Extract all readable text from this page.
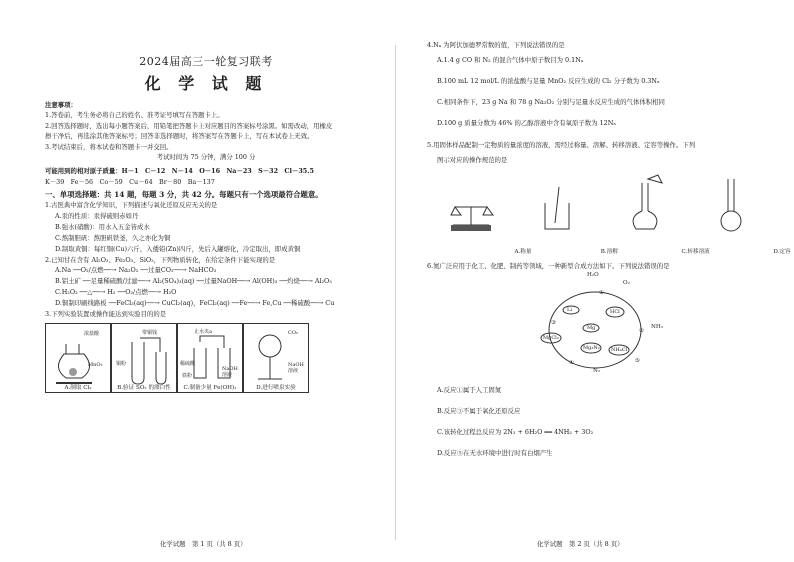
2024届高三一轮复习联考
化 学 试 题
注意事项：
1.答卷前，考生务必将自己的姓名、准考证号填写在答题卡上。
2.回答选择题时，选出每小题答案后，用铅笔把答题卡上对应题目的答案标号涂黑。如需改动，用橡皮
擦干净后，再选涂其他答案标号；回答非选择题时，将答案写在答题卡上，写在本试卷上无效。
3.考试结束后，将本试卷和答题卡一并交回。
考试时间为 75 分钟，满分 100 分
可能用到的相对原子质量：H－1　C－12　N－14　O－16　Na－23　S－32　Cl－35.5
K－39　Fe－56　Co－59　Cu－64　Br－80　Ba－137
一、单项选择题：共 14 题，每题 3 分，共 42 分。每题只有一个选项最符合题意。
1.古医典中富含化学知识，下列描述与氧化还原反应无关的是
A.汞的性质：汞得硫则赤如丹
B.强水(硝酸)：用水入五金皆成水
C.熬制胆矾：熬胆矾铁釜，久之亦化为铜
D.制取黄铜：每红铜(Cu)六斤，入倭铅(Zn)四斤，先后入罐熔化，冷定取出，即成黄铜
2.已知甘在含有 Al₂O₃、Fe₂O₃、SiO₂，下列物质转化，在给定条件下能实现的是
A.Na ──O₂/点燃──→ Na₂O₂ ──过量CO₂──→ NaHCO₃
B.铝土矿 ──足量稀硫酸/过滤──→ Al₂(SO₄)₃(aq) ──过量NaOH──→ Al(OH)₃ ──灼烧──→ Al₂O₃
C.H₂O₂ ──△──→ H₂ ──O₂/点燃──→ H₂O
D.铜制印刷线路板 ──FeCl₃(aq)──→ CuCl₂(aq)，FeCl₂(aq) ──Fe──→ Fe,Cu ──稀硫酸──→ Cu
3.下列实验装置或操作能达到实验目的的是
浓盐酸
MnO₂
A.制取 Cl₂
带铜钱
铜粉
B.验证 SO₂ 的漂白性
止水夹a
稀硫酸
铁粉
NaOH溶液
C.制备少量 Fe(OH)₂
CO₂
NaOH溶液
D.进行喷泉实验
化学试题　第 1 页（共 8 页）
4.Nₐ 为阿伏加德罗常数的值，下列说法错误的是
A.1.4 g CO 和 N₂ 的混合气体中原子数目为 0.1Nₐ
B.100 mL 12 mol/L 的浓盐酸与足量 MnO₂ 反应生成的 Cl₂ 分子数为 0.3Nₐ
C.相同条件下，23 g Na 和 78 g Na₂O₂ 分别与足量水反应生成的气体体积相同
D.100 g 质量分数为 46% 的乙醇溶液中含有氧原子数为 12Nₐ
5.用固体样品配制一定物质的量浓度的溶液，需经过称量、溶解、转移溶液、定容等操作。下列
图示对应的操作规范的是
A.称量	B.溶解	C.转移溶液	D.定容
6.氮广泛应用于化工、化肥、制药等领域，一种新型合成方法如下。下列说法错误的是
H₂O
O₂
Li	HCl
Mg	NH₃
MgCl₂
Mg₃N₂ NH₄Cl
N₂
①
②
③
④	⑤
A.反应①属于人工固氮
B.反应③不属于氧化还原反应
C.该转化过程总反应为 2N₂ + 6H₂O ══ 4NH₃ + 3O₂
D.反应⑤在无水环境中进行时有白烟产生
化学试题　第 2 页（共 8 页）
